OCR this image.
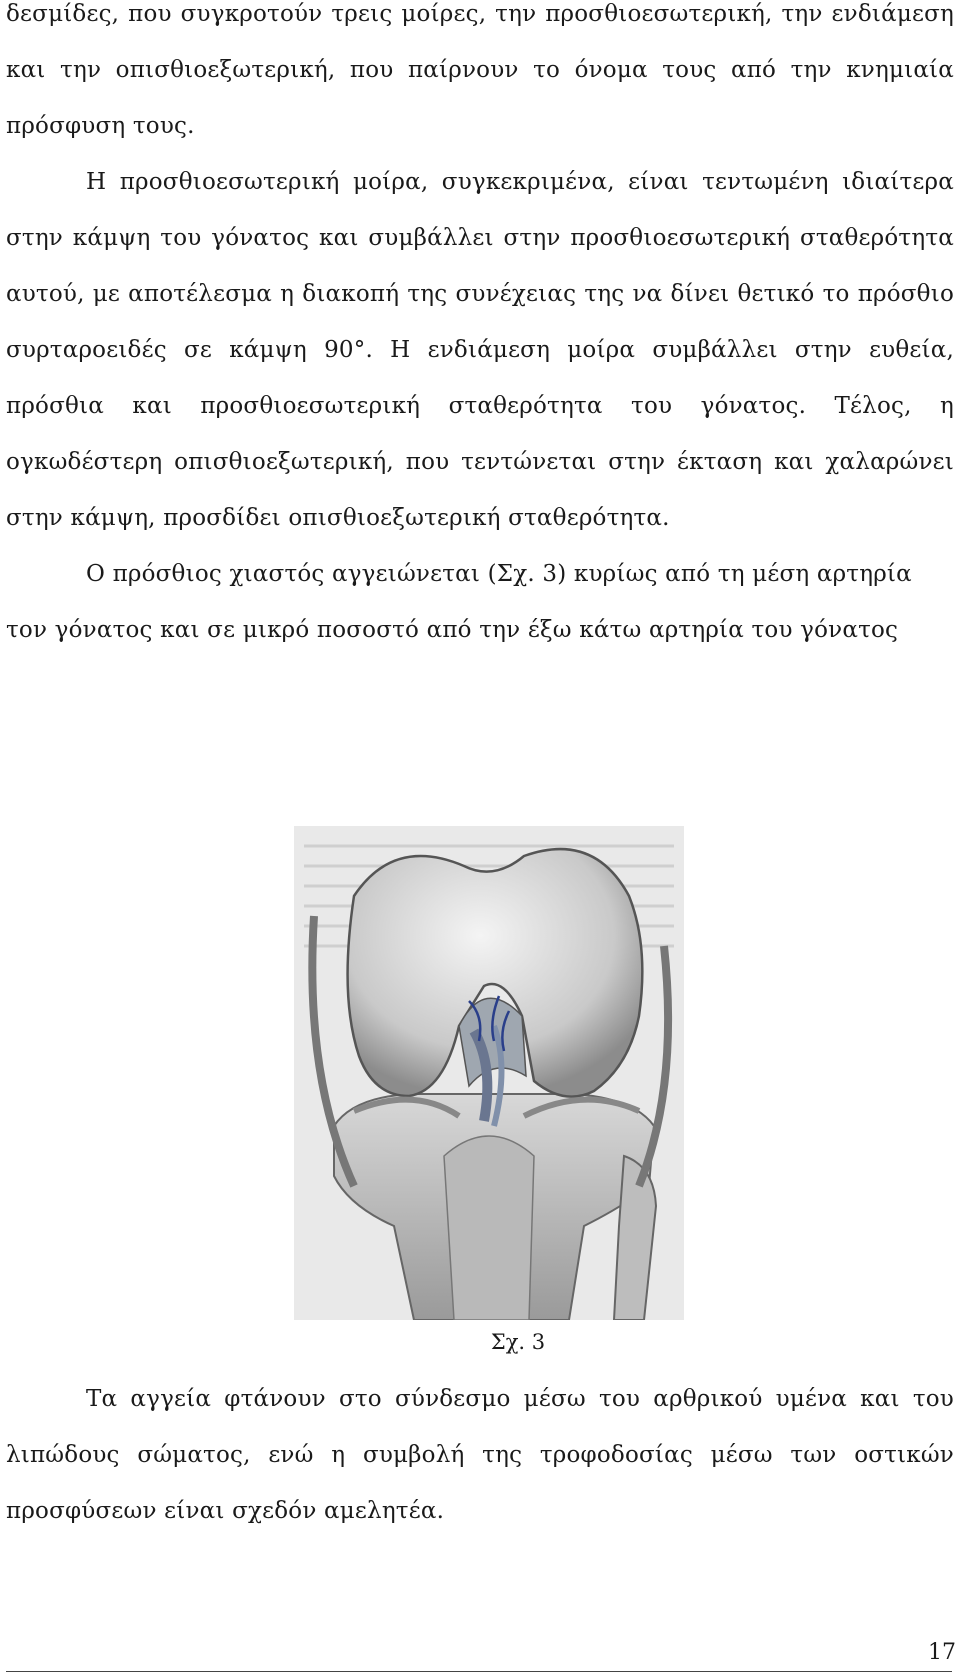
δεσμίδες, που συγκροτούν τρεις μοίρες, την προσθιοεσωτερική, την ενδιάμεση και την οπισθιοεξωτερική, που παίρνουν το όνομα τους από την κνημιαία πρόσφυση τους.

Η προσθιοεσωτερική μοίρα, συγκεκριμένα, είναι τεντωμένη ιδιαίτερα στην κάμψη του γόνατος και συμβάλλει στην προσθιοεσωτερική σταθερότητα αυτού, με αποτέλεσμα η διακοπή της συνέχειας της να δίνει θετικό το πρόσθιο συρταροειδές σε κάμψη 90°. Η ενδιάμεση μοίρα συμβάλλει στην ευθεία, πρόσθια και προσθιοεσωτερική σταθερότητα του γόνατος. Τέλος, η ογκωδέστερη οπισθιοεξωτερική, που τεντώνεται στην έκταση και χαλαρώνει στην κάμψη, προσδίδει οπισθιοεξωτερική σταθερότητα.

Ο πρόσθιος χιαστός αγγειώνεται (Σχ. 3) κυρίως από τη μέση αρτηρία τον γόνατος και σε μικρό ποσοστό από την έξω κάτω αρτηρία του γόνατος

Σχ. 3

Τα αγγεία φτάνουν στο σύνδεσμο μέσω του αρθρικού υμένα και του λιπώδους σώματος, ενώ η συμβολή της τροφοδοσίας μέσω των οστικών προσφύσεων είναι σχεδόν αμελητέα.

17
